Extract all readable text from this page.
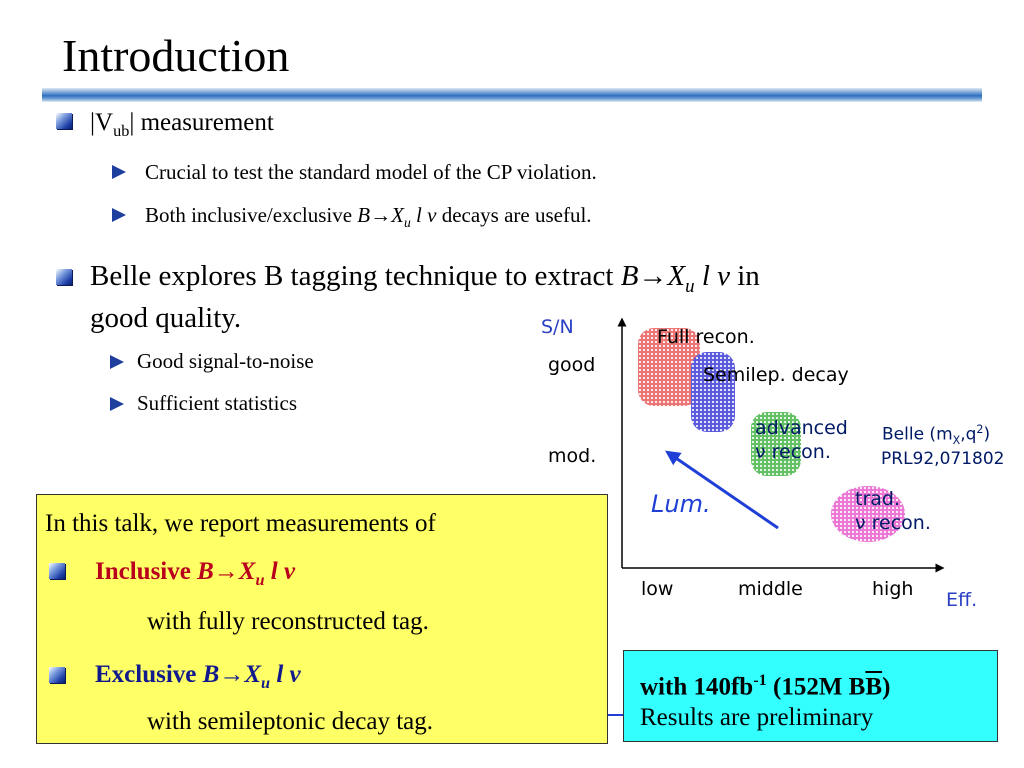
Introduction
$|V_{ub}|$ measurement
Crucial to test the standard model of the CP violation.
Both inclusive/exclusive $B\to X_u$ l ν decays are useful.
Belle explores B tagging technique to extract $B\to X_u$ l ν in
good quality.
Good signal-to-noise
Sufficient statistics
S/N
good
mod.
low	middle	high Eff.
Full recon.
Semilep. decay
advanced
ν recon.
trad.
ν recon.
Lum.
Belle $(m_X,q^2)$
PRL92,071802
In this talk, we report measurements of
Inclusive $B\to X_u$ l ν
with fully reconstructed tag.
Exclusive $B\to X_u$ l ν
with semileptonic decay tag.
with $140fb^{-1}$ (152M $B\overline{B}$)
Results are preliminary
